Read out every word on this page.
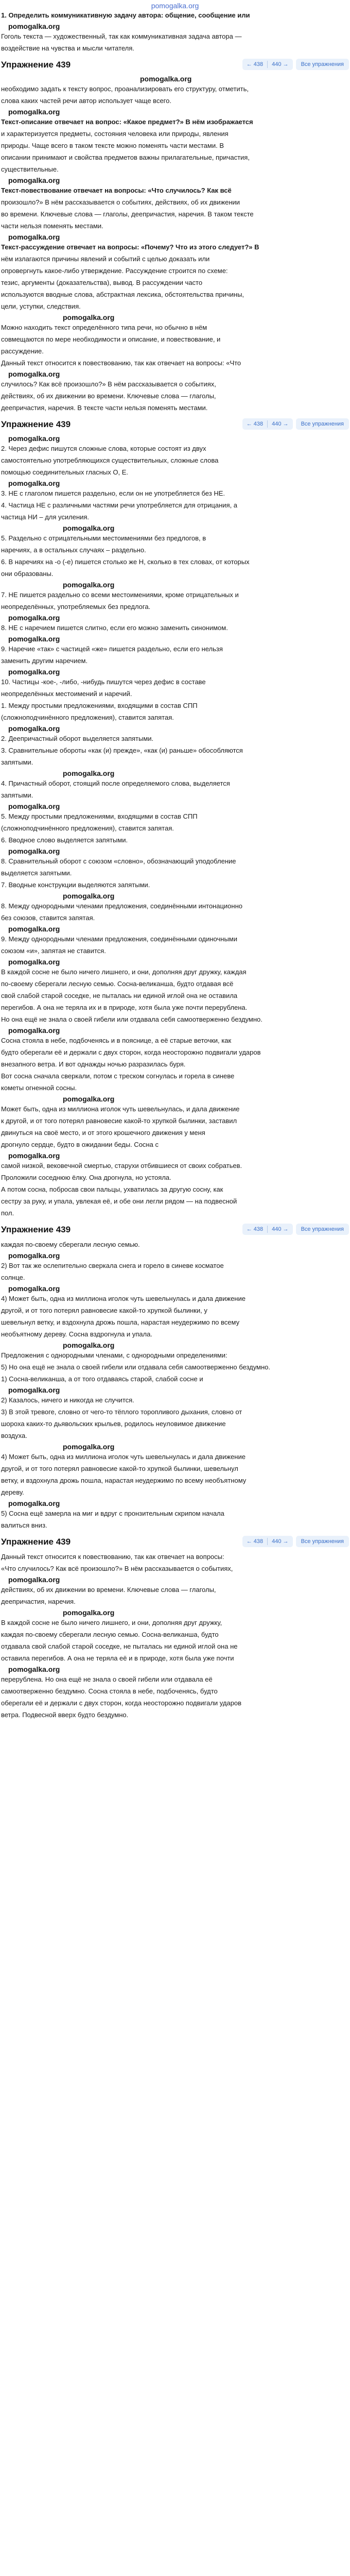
pomogalka.org

1. Определить коммуникативную задачу автора: общение, сообщение или

pomogalka.org

Гоголь текста — художественный, так как коммуникативная задача автора —

воздействие на чувства и мысли читателя.

Упражнение 439	← 438	440 →	Все упражнения
pomogalka.org

необходимо задать к тексту вопрос, проанализировать его структуру, отметить,

слова каких частей речи автор использует чаще всего.

pomogalka.org

Текст-описание отвечает на вопрос: «Какое предмет?» В нём изображается

и характеризуется предметы, состояния человека или природы, явления

природы. Чаще всего в таком тексте можно поменять части местами. В

описании принимают и свойства предметов важны прилагательные, причастия,

существительные.

pomogalka.org

Текст-повествование отвечает на вопросы: «Что случилось? Как всё

произошло?» В нём рассказывается о событиях, действиях, об их движении

во времени. Ключевые слова — глаголы, деепричастия, наречия. В таком тексте

части нельзя поменять местами.

pomogalka.org

Текст-рассуждение отвечает на вопросы: «Почему? Что из этого следует?» В

нём излагаются причины явлений и событий с целью доказать или

опровергнуть какое-либо утверждение. Рассуждение строится по схеме:

тезис, аргументы (доказательства), вывод. В рассуждении часто

используются вводные слова, абстрактная лексика, обстоятельства причины,

цели, уступки, следствия.

pomogalka.org

Можно находить текст определённого типа речи, но обычно в нём

совмещаются по мере необходимости и описание, и повествование, и

рассуждение.

Данный текст относится к повествованию, так как отвечает на вопросы: «Что

pomogalka.org

случилось? Как всё произошло?» В нём рассказывается о событиях,

действиях, об их движении во времени. Ключевые слова — глаголы,

деепричастия, наречия. В тексте части нельзя поменять местами.

Упражнение 439	← 438	440 →	Все упражнения
pomogalka.org

2. Через дефис пишутся сложные слова, которые состоят из двух

самостоятельно употребляющихся существительных, сложные слова

помощью соединительных гласных О, Е.

pomogalka.org

3. НЕ с глаголом пишется раздельно, если он не употребляется без НЕ.

4. Частица НЕ с различными частями речи употребляется для отрицания, а

частица НИ – для усиления.

pomogalka.org

5. Раздельно с отрицательными местоимениями без предлогов, в

наречиях, а в остальных случаях – раздельно.

6. В наречиях на -о (-е) пишется столько же Н, сколько в тех словах, от которых

они образованы.

pomogalka.org

7. НЕ пишется раздельно со всеми местоимениями, кроме отрицательных и

неопределённых, употребляемых без предлога.

pomogalka.org

8. НЕ с наречием пишется слитно, если его можно заменить синонимом.

pomogalka.org

9. Наречие «так» с частицей «же» пишется раздельно, если его нельзя

заменить другим наречием.

pomogalka.org

10. Частицы -кое-, -либо, -нибудь пишутся через дефис в составе

неопределённых местоимений и наречий.

1. Между простыми предложениями, входящими в состав СПП

(сложноподчинённого предложения), ставится запятая.

pomogalka.org

2. Деепричастный оборот выделяется запятыми.

3. Сравнительные обороты «как (и) прежде», «как (и) раньше» обособляются

запятыми.

pomogalka.org

4. Причастный оборот, стоящий после определяемого слова, выделяется

запятыми.

pomogalka.org

5. Между простыми предложениями, входящими в состав СПП

(сложноподчинённого предложения), ставится запятая.

6. Вводное слово выделяется запятыми.

pomogalka.org

8. Сравнительный оборот с союзом «словно», обозначающий уподобление

выделяется запятыми.

7. Вводные конструкции выделяются запятыми.

pomogalka.org

8. Между однородными членами предложения, соединёнными интонационно

без союзов, ставится запятая.

pomogalka.org

9. Между однородными членами предложения, соединёнными одиночными

союзом «и», запятая не ставится.

pomogalka.org

В каждой сосне не было ничего лишнего, и они, дополняя друг дружку, каждая

по-своему сберегали лесную семью. Сосна-великанша, будто отдавая всё

свой слабой старой соседке, не пыталась ни единой иглой она не оставила

перегибов. А она не теряла их и в природе, хотя была уже почти перерублена.

Но она ещё не знала о своей гибели или отдавала себя самоотверженно бездумно.

pomogalka.org

Сосна стояла в небе, подбоченясь и в пояснице, а её старые веточки, как

будто оберегали её и держали с двух сторон, когда неосторожно подвигали ударов

внезапного ветра. И вот однажды ночью разразилась буря.

Вот сосна сначала сверкали, потом с треском согнулась и горела в синеве

кометы огненной сосны.

pomogalka.org

Может быть, одна из миллиона иголок чуть шевельнулась, и дала движение

к другой, и от того потерял равновесие какой-то хрупкой былинки, заставил

двинуться на своё место, и от этого крошечного движения у меня

дрогнуло сердце, будто в ожидании беды. Сосна с

pomogalka.org

самой низкой, вековечной смертью, старухи отбившиеся от своих собратьев.

Проложили соседнюю ёлку. Она дрогнула, но устояла.

А потом сосна, побросав свои пальцы, ухватилась за другую сосну, как

сестру за руку, и упала, увлекая её, и обе они легли рядом — на подвесной

пол.

Упражнение 439	← 438	440 →	Все упражнения

каждая по-своему сберегали лесную семью.

pomogalka.org

2) Вот так же ослепительно сверкала снега и горело в синеве косматое

солнце.

pomogalka.org

4) Может быть, одна из миллиона иголок чуть шевельнулась и дала движение

другой, и от того потерял равновесие какой-то хрупкой былинки, у

шевельнул ветку, и вздохнула дрожь пошла, нарастая неудержимо по всему

необъятному дереву. Сосна вздрогнула и упала.

pomogalka.org

Предложения с однородными членами, с однородными определениями:

5) Но она ещё не знала о своей гибели или отдавала себя самоотверженно бездумно.

1) Сосна-великанша, а от того отдаваясь старой, слабой сосне и

pomogalka.org

2) Казалось, ничего и никогда не случится.

3) В этой тревоге, словно от чего-то тёплого торопливого дыхания, словно от

шороха каких-то дьявольских крыльев, родилось неуловимое движение

воздуха.

pomogalka.org

4) Может быть, одна из миллиона иголок чуть шевельнулась и дала движение

другой, и от того потерял равновесие какой-то хрупкой былинки, шевельнул

ветку, и вздохнула дрожь пошла, нарастая неудержимо по всему необъятному

дереву.

pomogalka.org

5) Сосна ещё замерла на миг и вдруг с пронзительным скрипом начала

валиться вниз.

Упражнение 439	← 438	440 →	Все упражнения

Данный текст относится к повествованию, так как отвечает на вопросы:

«Что случилось? Как всё произошло?» В нём рассказывается о событиях,

pomogalka.org

действиях, об их движении во времени. Ключевые слова — глаголы,

деепричастия, наречия.

pomogalka.org

В каждой сосне не было ничего лишнего, и они, дополняя друг дружку,

каждая по-своему сберегали лесную семью. Сосна-великанша, будто

отдавала свой слабой старой соседке, не пыталась ни единой иглой она не

оставила перегибов. А она не теряла её и в природе, хотя была уже почти

pomogalka.org

перерублена. Но она ещё не знала о своей гибели или отдавала её

самоотверженно бездумно. Сосна стояла в небе, подбоченясь, будто

оберегали её и держали с двух сторон, когда неосторожно подвигали ударов

ветра. Подвесной вверх будто бездумно.
